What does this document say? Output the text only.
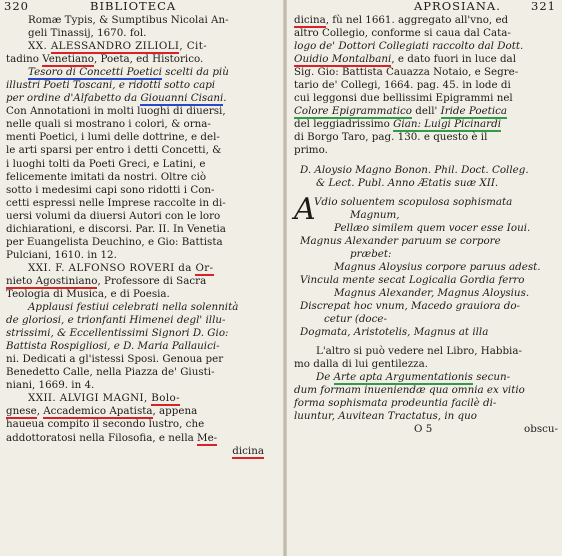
320	BIBLIOTECA
Romæ Typis, & Sumptibus Nicolai An-
geli Tinassij, 1670. fol.
XX. ALESSANDRO ZILIOLI, Cit-
tadino Venetiano, Poeta, ed Historico.
Tesoro di Concetti Poetici scelti da più
illustri Poeti Toscani, e ridotti sotto capi
per ordine d'Alfabetto da Giouanni Cisani.
Con Annotationi in molti luoghi di diuersi,
nelle quali si mostrano i colori, & orna-
menti Poetici, i lumi delle dottrine, e del-
le arti sparsi per entro i detti Concetti, &
i luoghi tolti da Poeti Greci, e Latini, e
felicemente imitati da nostri. Oltre ciò
sotto i medesimi capi sono ridotti i Con-
cetti espressi nelle Imprese raccolte in di-
uersi volumi da diuersi Autori con le loro
dichiarationi, e discorsi. Par. II. In Venetia
per Euangelista Deuchino, e Gio: Battista
Pulciani, 1610. in 12.
XXI. F. ALFONSO ROVERI da Or-
nieto Agostiniano, Professore di Sacra
Teologia di Musica, e di Poesia.
Applausi festiui celebrati nella solennità
de gloriosi, e trionfanti Himenei degl' illu-
strissimi, & Eccellentissimi Signori D. Gio:
Battista Rospigliosi, e D. Maria Pallauici-
ni. Dedicati a gl'istessi Sposi. Genoua per
Benedetto Calle, nella Piazza de' Giusti-
niani, 1669. in 4.
XXII. ALVIGI MAGNI, Bolo-
gnese, Accademico Apatista, appena
haueua compito il secondo lustro, che
addottoratosi nella Filosofia, e nella Me-
dicina
APROSIANA.	321
dicina, fù nel 1661. aggregato all'vno, ed
altro Collegio, conforme si caua dal Cata-
logo de' Dottori Collegiati raccolto dal Dott.
Ouidio Montalbani, e dato fuori in luce dal
Sig. Gio: Battista Cauazza Notaio, e Segre-
tario de' Collegi, 1664. pag. 45. in lode di
cui leggonsi due bellissimi Epigrammi nel
Colore Epigrammatico dell' Iride Poetica
del leggiadrissimo Gian: Luigi Picinardi
di Borgo Taro, pag. 130. e questo è il
primo.
D. Aloysio Magno Bonon. Phil. Doct. Colleg.
& Lect. Publ. Anno Ætatis suæ XII.
A
Vdio soluentem scopulosa sophismata
Magnum,
Pellæo similem quem vocer esse Ioui.
Magnus Alexander paruum se corpore
præbet:
Magnus Aloysius corpore paruus adest.
Vincula mente secat Logicalia Gordia ferro
Magnus Alexander, Magnus Aloysius.
Discrepat hoc vnum, Macedo grauiora do-
cetur (doce-
Dogmata, Aristotelis, Magnus at illa
L'altro si può vedere nel Libro, Habbia-
mo dalla di lui gentilezza.
De Arte apta Argumentationis secun-
dum formam inueniendæ qua omnia ex vitio
forma sophismata prodeuntia facilè di-
luuntur, Auvitean Tractatus, in quo
O 5	obscu-
